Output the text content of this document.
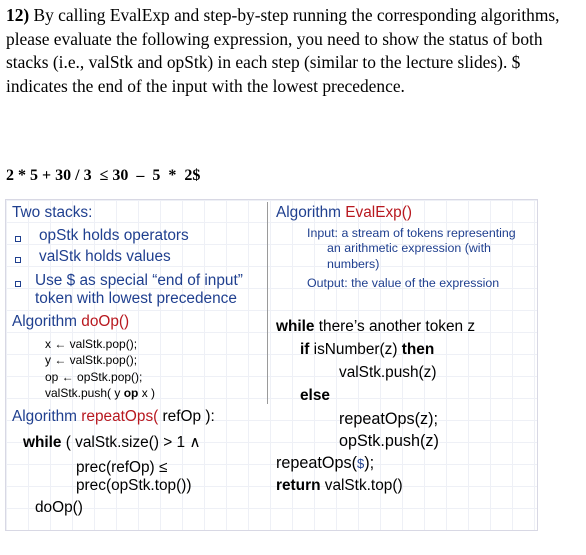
12) By calling EvalExp and step-by-step running the corresponding algorithms, please evaluate the following expression, you need to show the status of both stacks (i.e., valStk and opStk) in each step (similar to the lecture slides). $ indicates the end of the input with the lowest precedence.

2 * 5 + 30 / 3  ≤ 30  –  5  *  2$

Two stacks:

opStk holds operators

valStk holds values

Use $ as special “end of input”

token with lowest precedence

Algorithm doOp()

x ← valStk.pop();

y ← valStk.pop();

op ← opStk.pop();

valStk.push( y op x )

Algorithm repeatOps( refOp ):

while ( valStk.size() > 1 ∧

prec(refOp) ≤

prec(opStk.top())

doOp()

Algorithm EvalExp()

Input: a stream of tokens representing

an arithmetic expression (with

numbers)

Output: the value of the expression

while there’s another token z

if isNumber(z) then

valStk.push(z)

else

repeatOps(z);

opStk.push(z)

repeatOps($);

return valStk.top()
